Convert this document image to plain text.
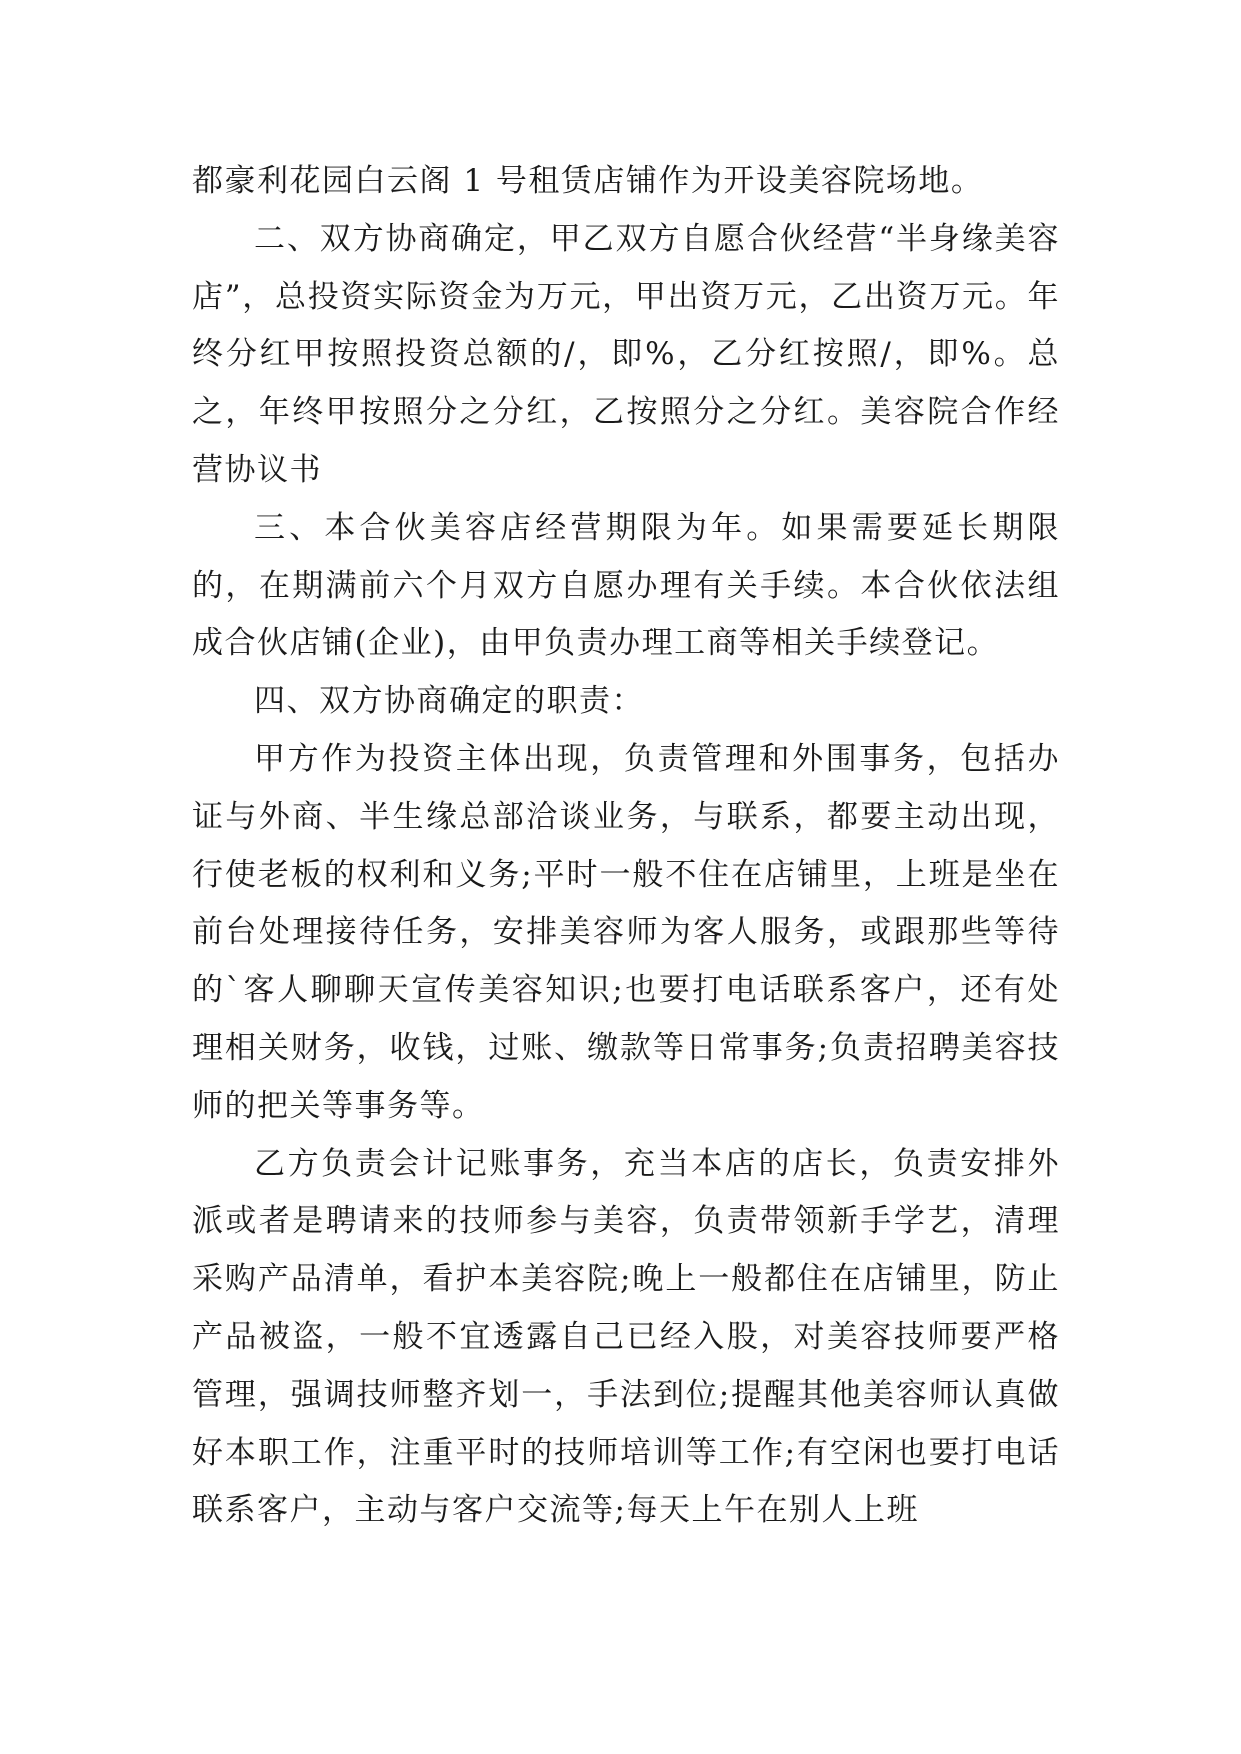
都豪利花园白云阁 1 号租赁店铺作为开设美容院场地。

二、双方协商确定，甲乙双方自愿合伙经营“半身缘美容店”，总投资实际资金为万元，甲出资万元，乙出资万元。年终分红甲按照投资总额的/，即%，乙分红按照/，即%。总之，年终甲按照分之分红，乙按照分之分红。美容院合作经营协议书

三、本合伙美容店经营期限为年。如果需要延长期限的，在期满前六个月双方自愿办理有关手续。本合伙依法组成合伙店铺(企业)，由甲负责办理工商等相关手续登记。

四、双方协商确定的职责：

甲方作为投资主体出现，负责管理和外围事务，包括办证与外商、半生缘总部洽谈业务，与联系，都要主动出现，行使老板的权利和义务;平时一般不住在店铺里，上班是坐在前台处理接待任务，安排美容师为客人服务，或跟那些等待的`客人聊聊天宣传美容知识;也要打电话联系客户，还有处理相关财务，收钱，过账、缴款等日常事务;负责招聘美容技师的把关等事务等。

乙方负责会计记账事务，充当本店的店长，负责安排外派或者是聘请来的技师参与美容，负责带领新手学艺，清理采购产品清单，看护本美容院;晚上一般都住在店铺里，防止产品被盗，一般不宜透露自己已经入股，对美容技师要严格管理，强调技师整齐划一，手法到位;提醒其他美容师认真做好本职工作，注重平时的技师培训等工作;有空闲也要打电话联系客户，主动与客户交流等;每天上午在别人上班
